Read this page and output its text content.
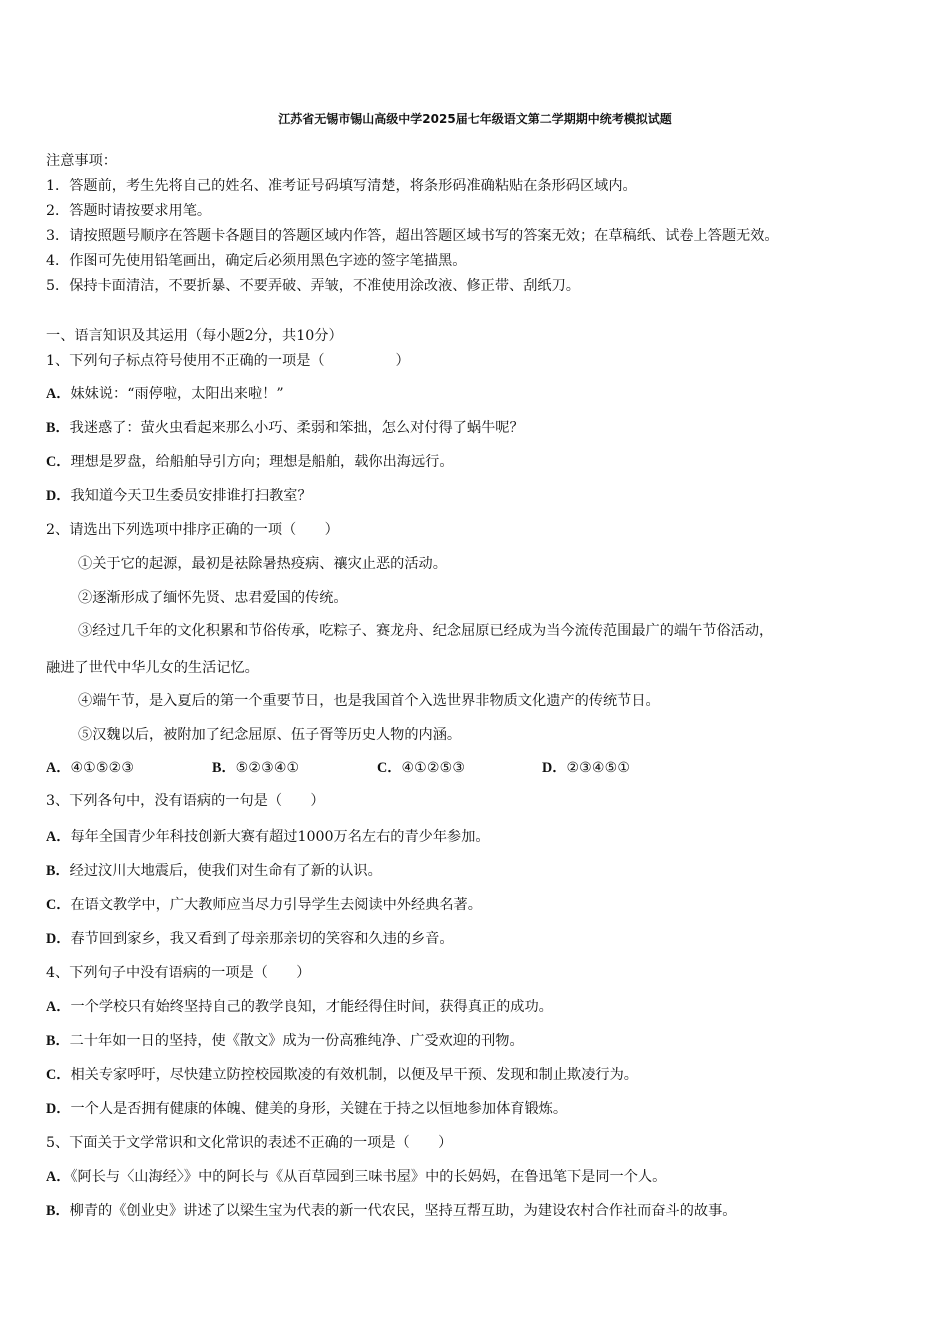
江苏省无锡市锡山高级中学2025届七年级语文第二学期期中统考模拟试题
注意事项：
1．答题前，考生先将自己的姓名、准考证号码填写清楚，将条形码准确粘贴在条形码区域内。
2．答题时请按要求用笔。
3．请按照题号顺序在答题卡各题目的答题区域内作答，超出答题区域书写的答案无效；在草稿纸、试卷上答题无效。
4．作图可先使用铅笔画出，确定后必须用黑色字迹的签字笔描黑。
5．保持卡面清洁，不要折暴、不要弄破、弄皱，不准使用涂改液、修正带、刮纸刀。
一、语言知识及其运用（每小题2分，共10分）
1、下列句子标点符号使用不正确的一项是（　　　　　）
A．妹妹说：“雨停啦，太阳出来啦！”
B．我迷惑了：萤火虫看起来那么小巧、柔弱和笨拙，怎么对付得了蜗牛呢？
C．理想是罗盘，给船舶导引方向；理想是船舶，载你出海远行。
D．我知道今天卫生委员安排谁打扫教室？
2、请选出下列选项中排序正确的一项（　　）
①关于它的起源，最初是祛除暑热疫病、禳灾止恶的活动。
②逐渐形成了缅怀先贤、忠君爱国的传统。
③经过几千年的文化积累和节俗传承，吃粽子、赛龙舟、纪念屈原已经成为当今流传范围最广的端午节俗活动，
融进了世代中华儿女的生活记忆。
④端午节，是入夏后的第一个重要节日，也是我国首个入选世界非物质文化遗产的传统节日。
⑤汉魏以后，被附加了纪念屈原、伍子胥等历史人物的内涵。
A．④①⑤②③	B．⑤②③④①	C．④①②⑤③	D．②③④⑤①
3、下列各句中，没有语病的一句是（　　）
A．每年全国青少年科技创新大赛有超过1000万名左右的青少年参加。
B．经过汶川大地震后，使我们对生命有了新的认识。
C．在语文教学中，广大教师应当尽力引导学生去阅读中外经典名著。
D．春节回到家乡，我又看到了母亲那亲切的笑容和久违的乡音。
4、下列句子中没有语病的一项是（　　）
A．一个学校只有始终坚持自己的教学良知，才能经得住时间，获得真正的成功。
B．二十年如一日的坚持，使《散文》成为一份高雅纯净、广受欢迎的刊物。
C．相关专家呼吁，尽快建立防控校园欺凌的有效机制，以便及早干预、发现和制止欺凌行为。
D．一个人是否拥有健康的体魄、健美的身形，关键在于持之以恒地参加体育锻炼。
5、下面关于文学常识和文化常识的表述不正确的一项是（　　）
A．《阿长与〈山海经〉》中的阿长与《从百草园到三味书屋》中的长妈妈，在鲁迅笔下是同一个人。
B．柳青的《创业史》讲述了以梁生宝为代表的新一代农民，坚持互帮互助，为建设农村合作社而奋斗的故事。
